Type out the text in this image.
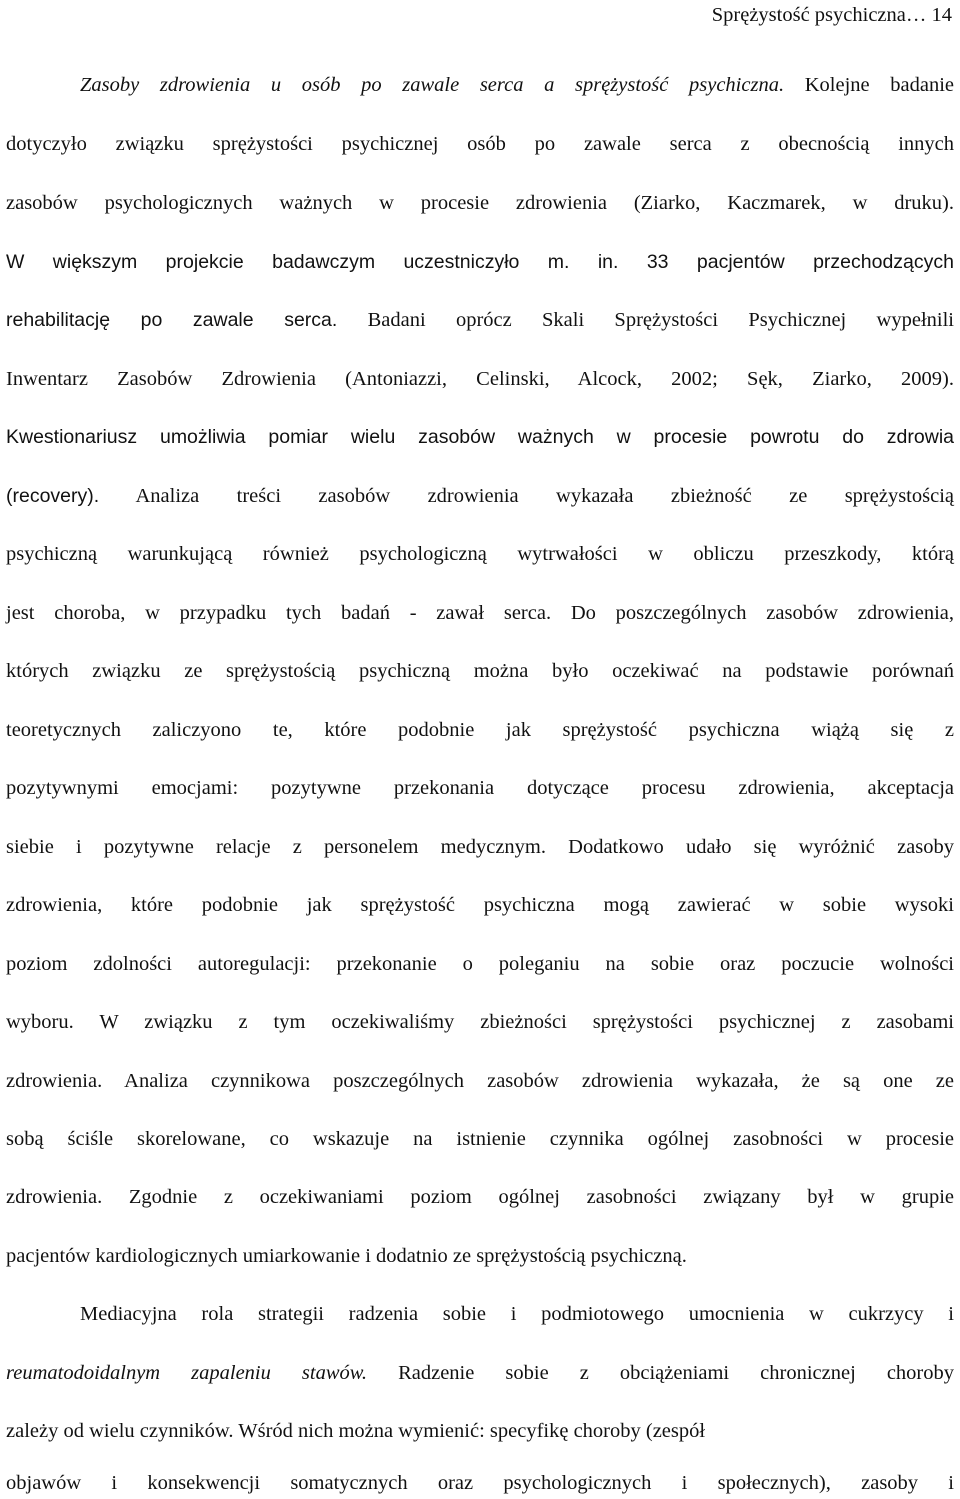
Sprężystość psychiczna… 14

Zasoby zdrowienia u osób po zawale serca a sprężystość psychiczna. Kolejne badanie

dotyczyło związku sprężystości psychicznej osób po zawale serca z obecnością innych

zasobów psychologicznych ważnych w procesie zdrowienia (Ziarko, Kaczmarek, w druku).

W większym projekcie badawczym uczestniczyło m. in. 33 pacjentów przechodzących

rehabilitację po zawale serca. Badani oprócz Skali Sprężystości Psychicznej wypełnili

Inwentarz Zasobów Zdrowienia (Antoniazzi, Celinski, Alcock, 2002; Sęk, Ziarko, 2009).

Kwestionariusz umożliwia pomiar wielu zasobów ważnych w procesie powrotu do zdrowia

(recovery). Analiza treści zasobów zdrowienia wykazała zbieżność ze sprężystością

psychiczną warunkującą również psychologiczną wytrwałości w obliczu przeszkody, którą

jest choroba, w przypadku tych badań - zawał serca. Do poszczególnych zasobów zdrowienia,

których związku ze sprężystością psychiczną można było oczekiwać na podstawie porównań

teoretycznych zaliczyono te, które podobnie jak sprężystość psychiczna wiążą się z

pozytywnymi emocjami: pozytywne przekonania dotyczące procesu zdrowienia, akceptacja

siebie i pozytywne relacje z personelem medycznym. Dodatkowo udało się wyróżnić zasoby

zdrowienia, które podobnie jak sprężystość psychiczna mogą zawierać w sobie wysoki

poziom zdolności autoregulacji: przekonanie o poleganiu na sobie oraz poczucie wolności

wyboru. W związku z tym oczekiwaliśmy zbieżności sprężystości psychicznej z zasobami

zdrowienia. Analiza czynnikowa poszczególnych zasobów zdrowienia wykazała, że są one ze

sobą ściśle skorelowane, co wskazuje na istnienie czynnika ogólnej zasobności w procesie

zdrowienia. Zgodnie z oczekiwaniami poziom ogólnej zasobności związany był w grupie

pacjentów kardiologicznych umiarkowanie i dodatnio ze sprężystością psychiczną.

Mediacyjna rola strategii radzenia sobie i podmiotowego umocnienia w cukrzycy i

reumatodoidalnym zapaleniu stawów. Radzenie sobie z obciążeniami chronicznej choroby

zależy od wielu czynników. Wśród nich można wymienić: specyfikę choroby (zespół

objawów i konsekwencji somatycznych oraz psychologicznych i społecznych), zasoby i
